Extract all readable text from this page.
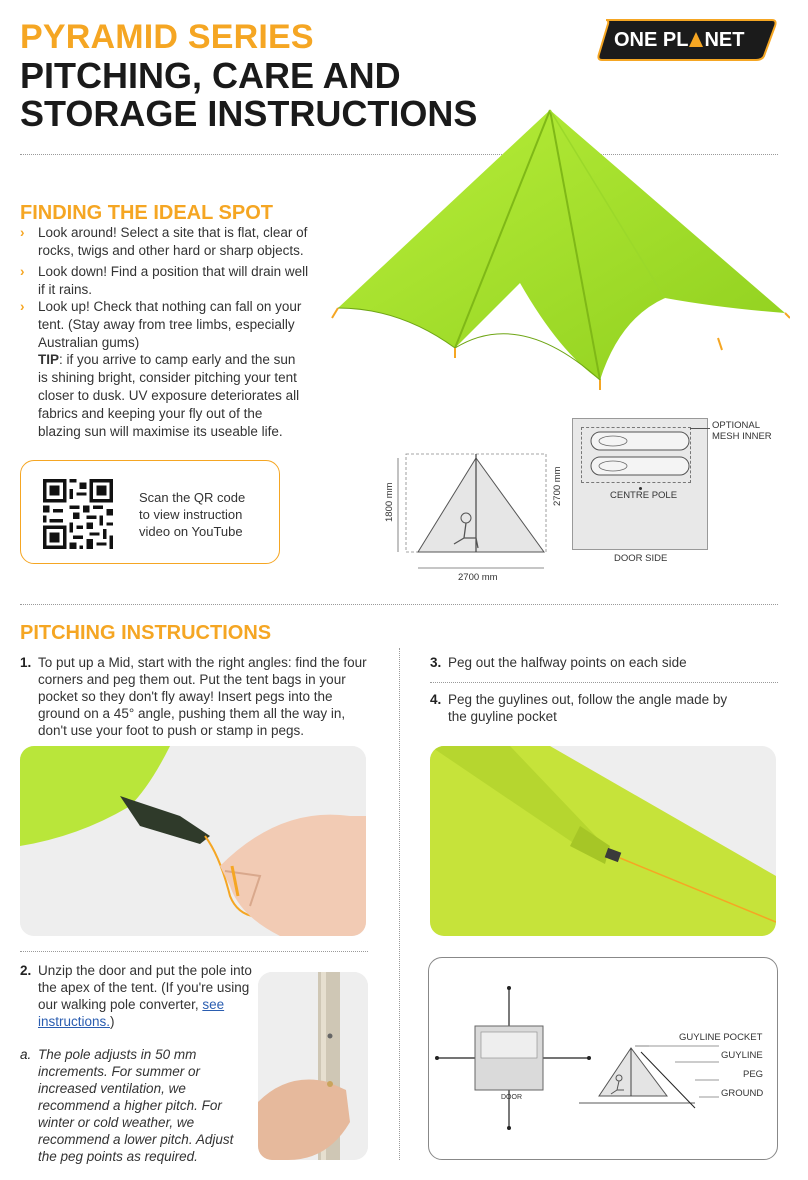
PYRAMID SERIES
PITCHING, CARE AND
STORAGE INSTRUCTIONS
ONE PL NET
FINDING THE IDEAL SPOT
› Look around! Select a site that is flat, clear of rocks, twigs and other hard or sharp objects.
› Look down! Find a position that will drain well if it rains.
› Look up! Check that nothing can fall on your tent. (Stay away from tree limbs, especially Australian gums)
TIP: if you arrive to camp early and the sun is shining bright, consider pitching your tent closer to dusk. UV exposure deteriorates all fabrics and keeping your fly out of the blazing sun will maximise its useable life.
Scan the QR code to view instruction video on YouTube
1800 mm
2700 mm
2700 mm
OPTIONAL MESH INNER
CENTRE POLE
DOOR SIDE
PITCHING INSTRUCTIONS
1. To put up a Mid, start with the right angles: find the four corners and peg them out. Put the tent bags in your pocket so they don't fly away! Insert pegs into the ground on a 45° angle, pushing them all the way in, don't use your foot to push or stamp in pegs.
3. Peg out the halfway points on each side
4. Peg the guylines out, follow the angle made by the guyline pocket
2. Unzip the door and put the pole into the apex of the tent. (If you're using our walking pole converter, see instructions.)
a. The pole adjusts in 50 mm increments. For summer or increased ventilation, we recommend a higher pitch. For winter or cold weather, we recommend a lower pitch. Adjust the peg points as required.
DOOR
GUYLINE POCKET
GUYLINE
PEG
GROUND
